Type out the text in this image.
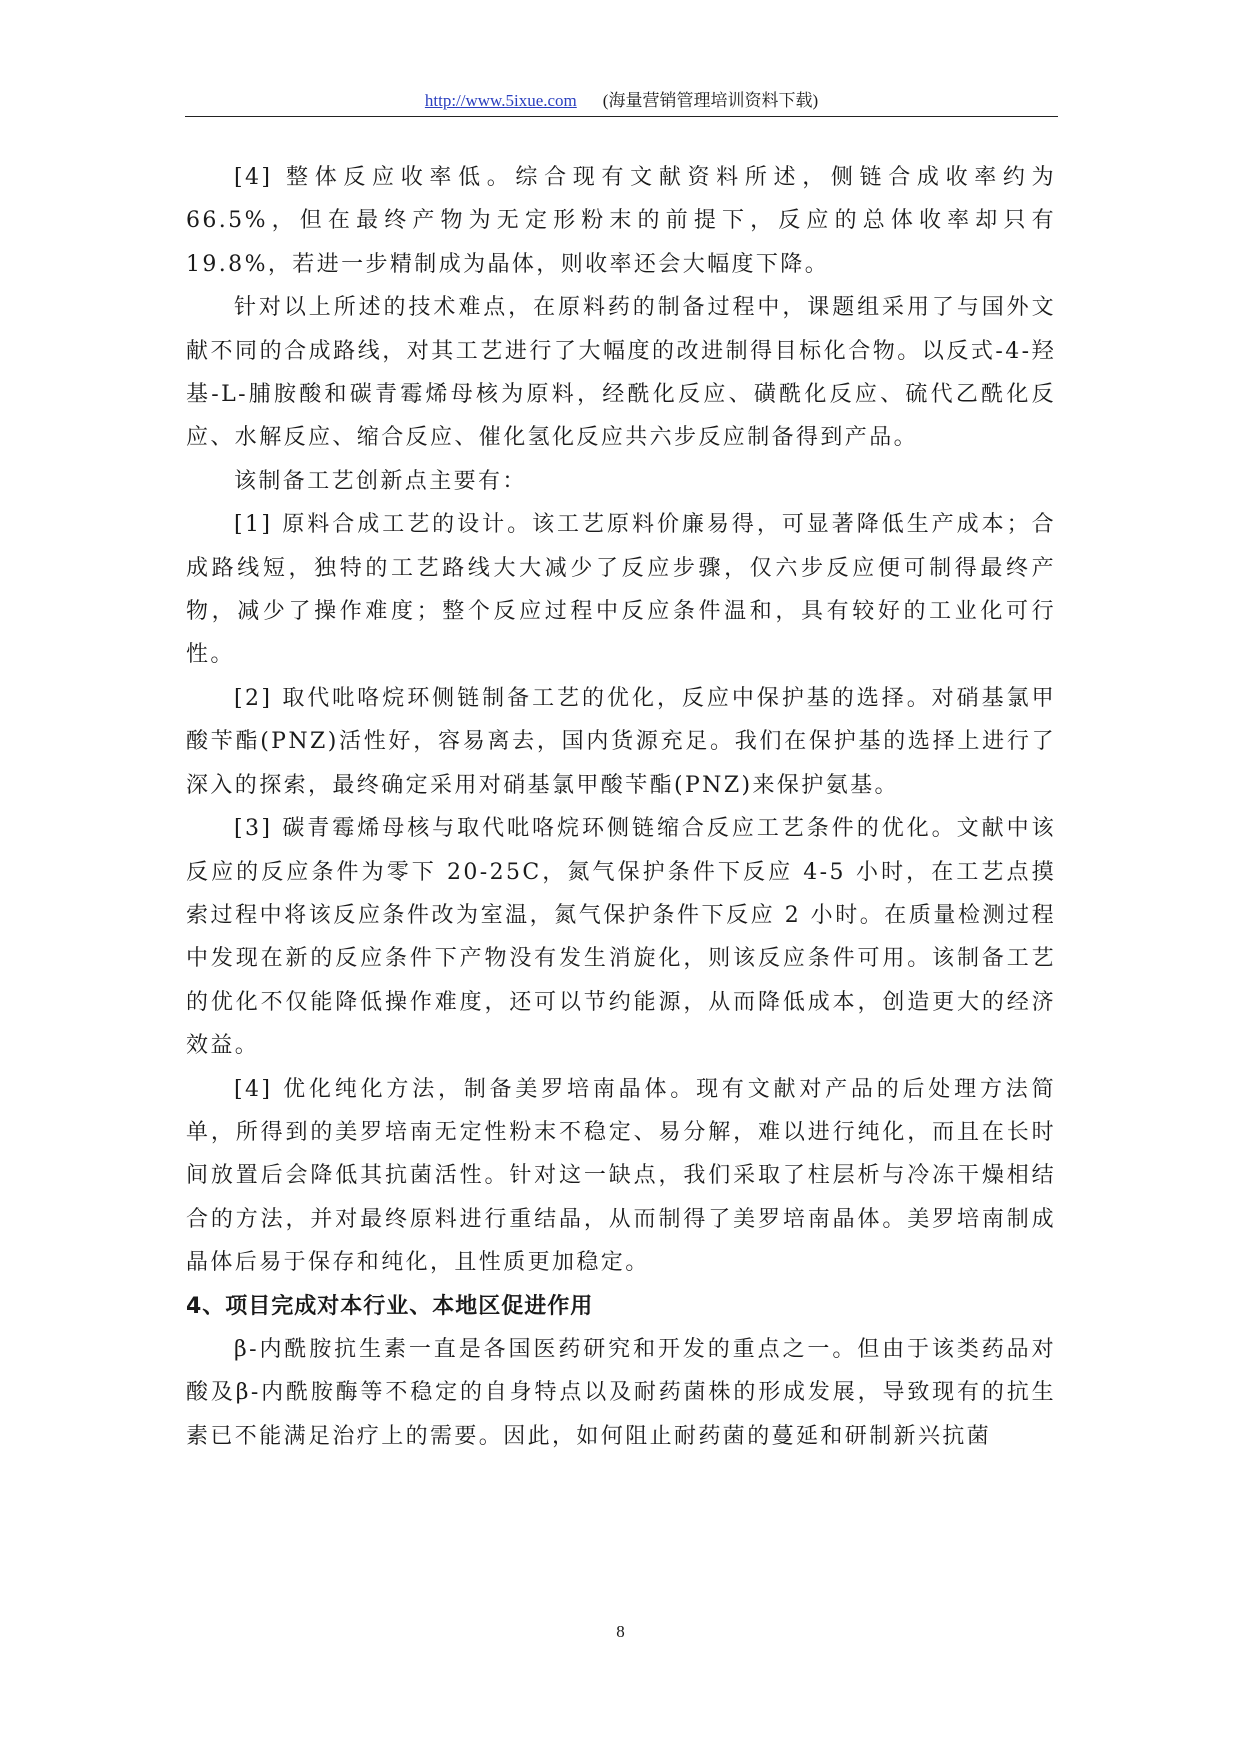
http://www.5ixue.com (海量营销管理培训资料下载)

[4] 整体反应收率低。综合现有文献资料所述，侧链合成收率约为 66.5%，但在最终产物为无定形粉末的前提下，反应的总体收率却只有 19.8%，若进一步精制成为晶体，则收率还会大幅度下降。

针对以上所述的技术难点，在原料药的制备过程中，课题组采用了与国外文献不同的合成路线，对其工艺进行了大幅度的改进制得目标化合物。以反式-4-羟基-L-脯胺酸和碳青霉烯母核为原料，经酰化反应、磺酰化反应、硫代乙酰化反应、水解反应、缩合反应、催化氢化反应共六步反应制备得到产品。

该制备工艺创新点主要有：

[1] 原料合成工艺的设计。该工艺原料价廉易得，可显著降低生产成本；合成路线短，独特的工艺路线大大减少了反应步骤，仅六步反应便可制得最终产物，减少了操作难度；整个反应过程中反应条件温和，具有较好的工业化可行性。

[2] 取代吡咯烷环侧链制备工艺的优化，反应中保护基的选择。对硝基氯甲酸苄酯(PNZ)活性好，容易离去，国内货源充足。我们在保护基的选择上进行了深入的探索，最终确定采用对硝基氯甲酸苄酯(PNZ)来保护氨基。

[3] 碳青霉烯母核与取代吡咯烷环侧链缩合反应工艺条件的优化。文献中该反应的反应条件为零下 20-25C，氮气保护条件下反应 4-5 小时，在工艺点摸索过程中将该反应条件改为室温，氮气保护条件下反应 2 小时。在质量检测过程中发现在新的反应条件下产物没有发生消旋化，则该反应条件可用。该制备工艺的优化不仅能降低操作难度，还可以节约能源，从而降低成本，创造更大的经济效益。

[4] 优化纯化方法，制备美罗培南晶体。现有文献对产品的后处理方法简单，所得到的美罗培南无定性粉末不稳定、易分解，难以进行纯化，而且在长时间放置后会降低其抗菌活性。针对这一缺点，我们采取了柱层析与冷冻干燥相结合的方法，并对最终原料进行重结晶，从而制得了美罗培南晶体。美罗培南制成晶体后易于保存和纯化，且性质更加稳定。

4、项目完成对本行业、本地区促进作用

β-内酰胺抗生素一直是各国医药研究和开发的重点之一。但由于该类药品对酸及β-内酰胺酶等不稳定的自身特点以及耐药菌株的形成发展，导致现有的抗生素已不能满足治疗上的需要。因此，如何阻止耐药菌的蔓延和研制新兴抗菌

8
